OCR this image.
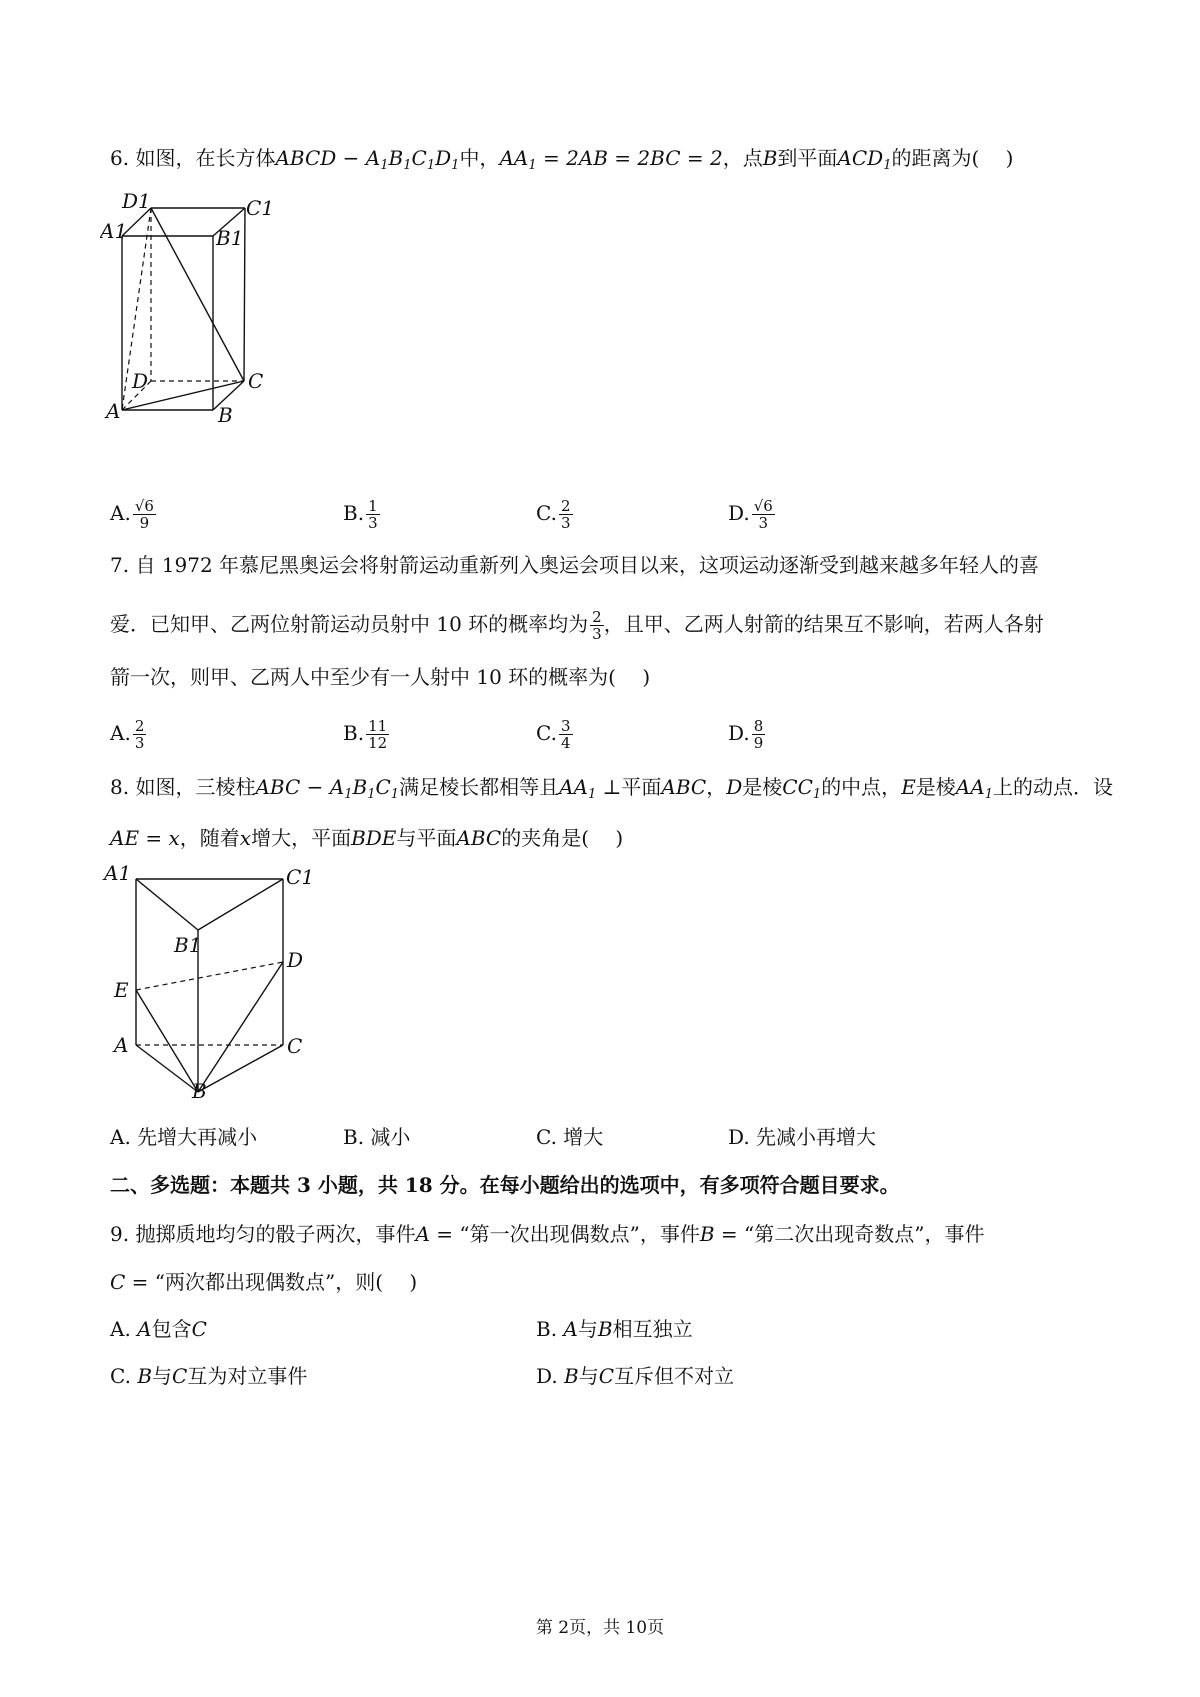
6. 如图，在长方体ABCD − $A_1B_1C_1D_1$中，$AA_1 = 2AB = 2BC = 2$，点B到平面$ACD_1$的距离为(　 )
D1	C1
A1	B1
D	C
A	B
A. √ $\frac{6}{9}$	B. $\frac{1}{3}$	C. $\frac{2}{3}$	D. √ $\frac{6}{3}$
7. 自 1972 年慕尼黑奥运会将射箭运动重新列入奥运会项目以来，这项运动逐渐受到越来越多年轻人的喜
爱．已知甲、乙两位射箭运动员射中 10 环的概率均为 $\frac{2}{3}$ ，且甲、乙两人射箭的结果互不影响，若两人各射
箭一次，则甲、乙两人中至少有一人射中 10 环的概率为(　 )
A. $\frac{2}{3}$	B. $\frac{11}{12}$	C. $\frac{3}{4}$	D. $\frac{8}{9}$
8. 如图，三棱柱ABC − $A_1B_1C_1$满足棱长都相等且$AA_1$ ⊥平面ABC，D是棱$CC_1$的中点，E是棱$AA_1$上的动点．设
AE = x，随着x增大，平面BDE与平面ABC的夹角是(　 )
A1	C1
B1
D
E
A	C
B
A. 先增大再减小	B. 减小	C. 增大	D. 先减小再增大
二、多选题：本题共 3 小题，共 18 分。在每小题给出的选项中，有多项符合题目要求。
9. 抛掷质地均匀的骰子两次，事件A = “第一次出现偶数点”，事件B = “第二次出现奇数点”，事件
C = “两次都出现偶数点”，则(　 )
A. A包含C	B. A与B相互独立
C. B与C互为对立事件	D. B与C互斥但不对立
第 2页，共 10页
